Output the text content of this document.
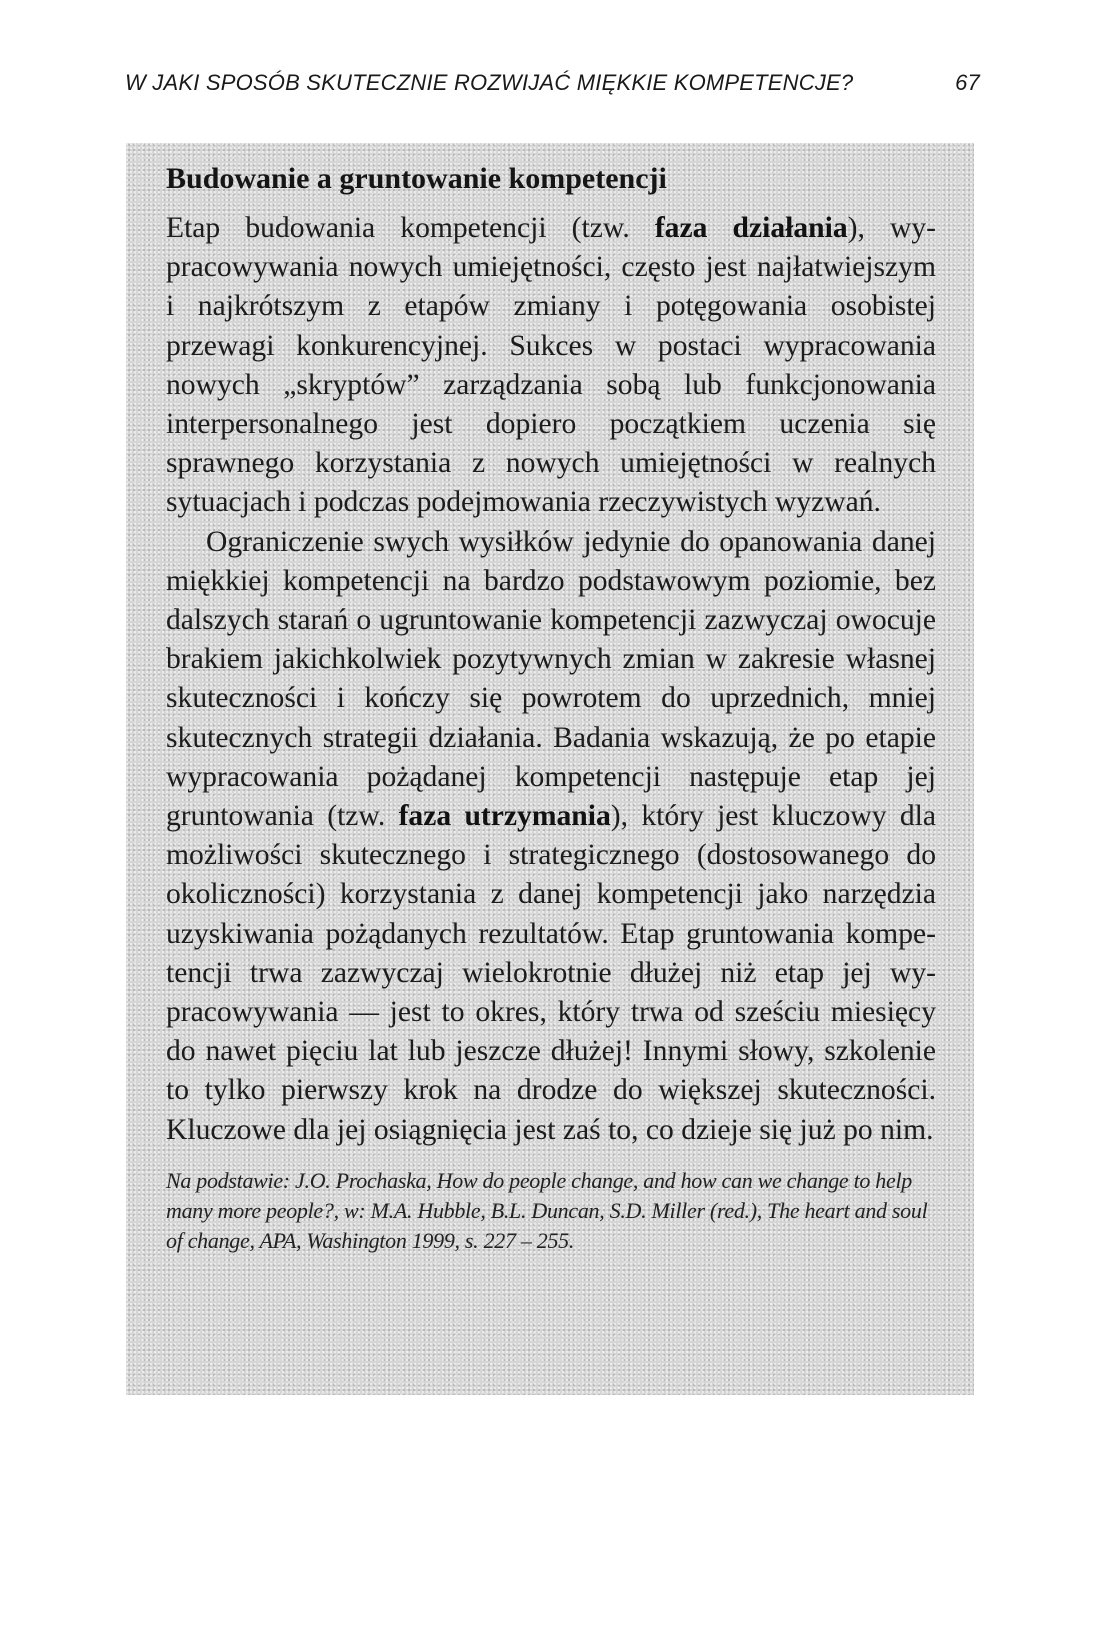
W JAKI SPOSÓB SKUTECZNIE ROZWIJAĆ MIĘKKIE KOMPETENCJE?	67
Budowanie a gruntowanie kompetencji

Etap budowania kompetencji (tzw. faza działania), wypracowywania nowych umiejętności, często jest najłatwiejszym i najkrótszym z etapów zmiany i potęgowania osobistej przewagi konkurencyjnej. Sukces w postaci wypracowania nowych „skryptów” zarządzania sobą lub funkcjonowania interpersonalnego jest dopiero początkiem uczenia się sprawnego korzystania z nowych umiejętności w realnych sytuacjach i podczas podejmowania rzeczywistych wyzwań.

Ograniczenie swych wysiłków jedynie do opanowania danej miękkiej kompetencji na bardzo podstawowym poziomie, bez dalszych starań o ugruntowanie kompetencji zazwyczaj owocuje brakiem jakichkolwiek pozytywnych zmian w zakresie własnej skuteczności i kończy się powrotem do uprzednich, mniej skutecznych strategii działania. Badania wskazują, że po etapie wypracowania pożądanej kompetencji następuje etap jej gruntowania (tzw. faza utrzymania), który jest kluczowy dla możliwości skutecznego i strategicznego (dostosowanego do okoliczności) korzystania z danej kompetencji jako narzędzia uzyskiwania pożądanych rezultatów. Etap gruntowania kompetencji trwa zazwyczaj wielokrotnie dłużej niż etap jej wypracowywania — jest to okres, który trwa od sześciu miesięcy do nawet pięciu lat lub jeszcze dłużej! Innymi słowy, szkolenie to tylko pierwszy krok na drodze do większej skuteczności. Kluczowe dla jej osiągnięcia jest zaś to, co dzieje się już po nim.

Na podstawie: J.O. Prochaska, How do people change, and how can we change to help many more people?, w: M.A. Hubble, B.L. Duncan, S.D. Miller (red.), The heart and soul of change, APA, Washington 1999, s. 227 – 255.
